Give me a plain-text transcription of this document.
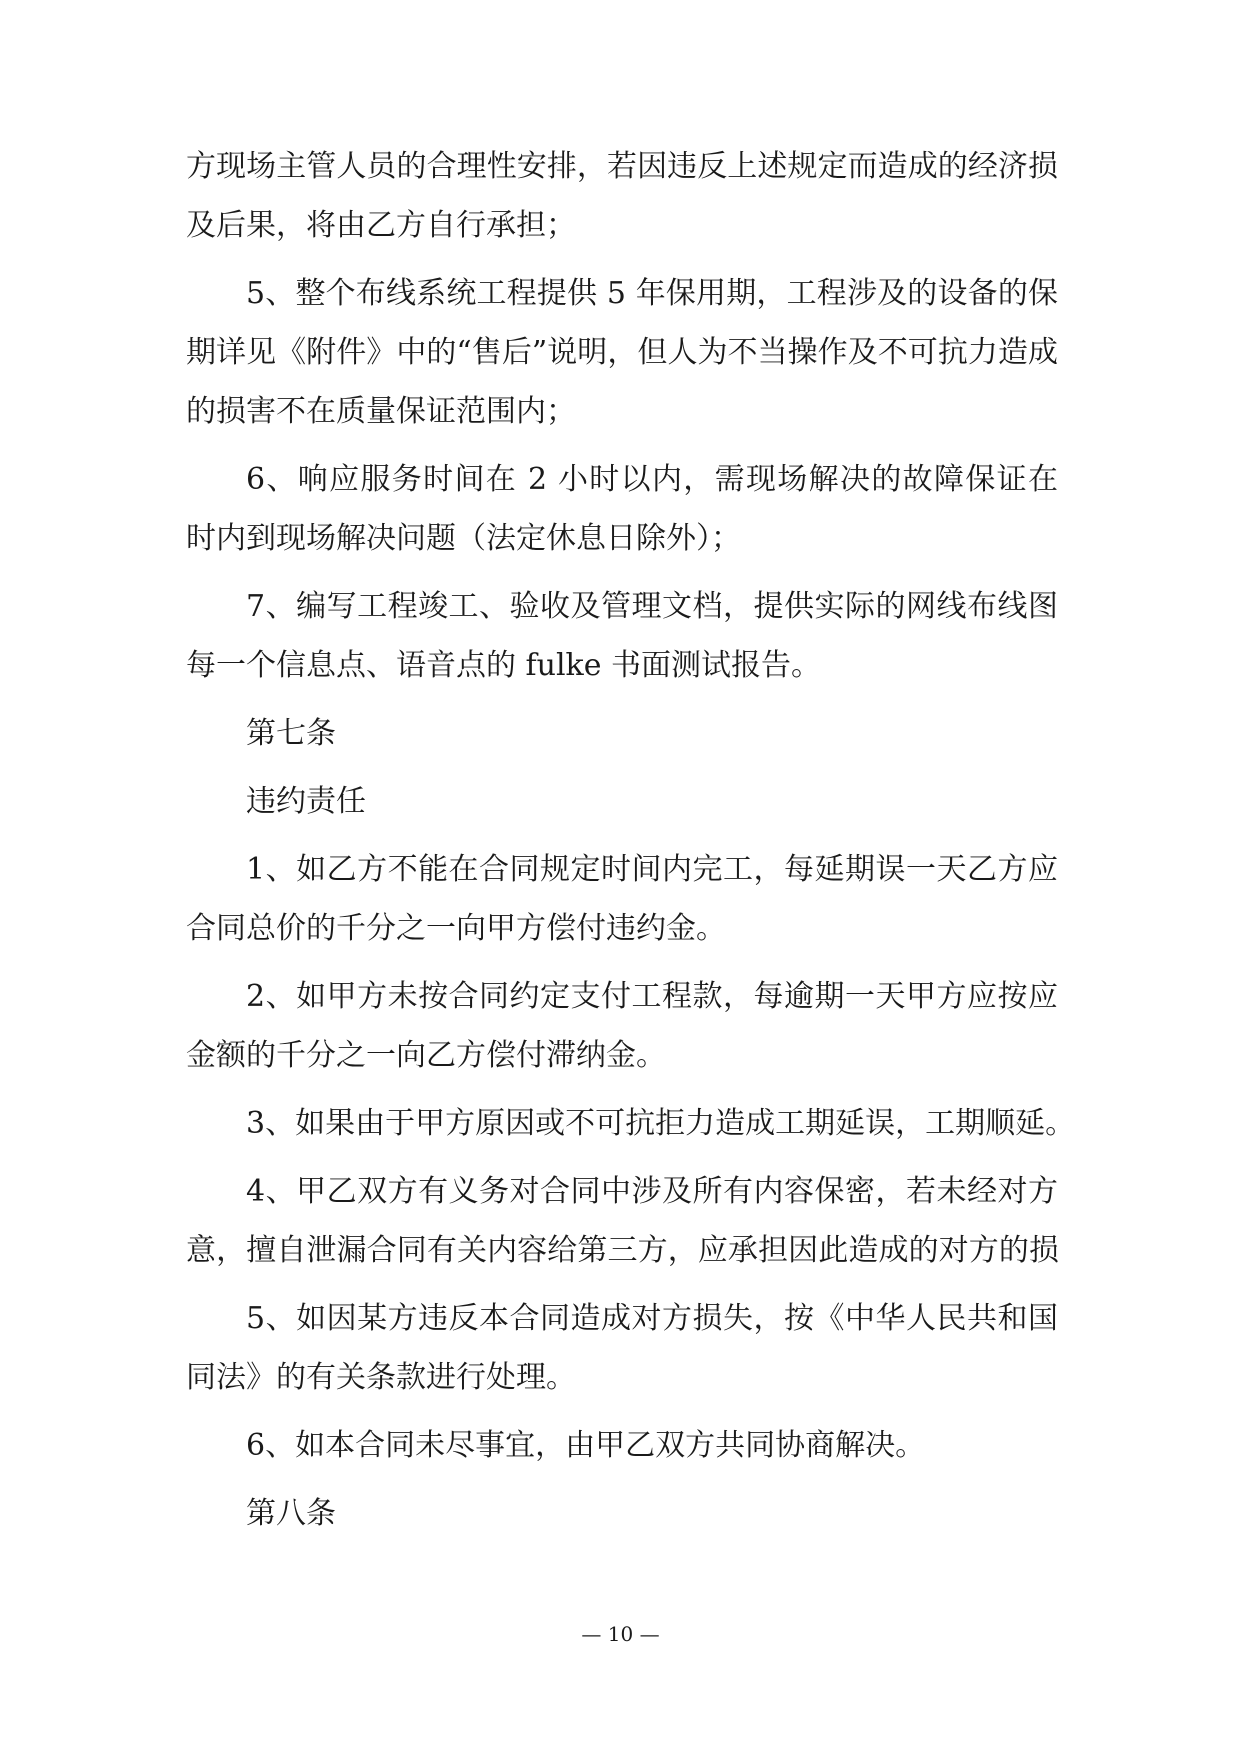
方现场主管人员的合理性安排，若因违反上述规定而造成的经济损
及后果，将由乙方自行承担；
5、整个布线系统工程提供 5 年保用期，工程涉及的设备的保
期详见《附件》中的“售后”说明，但人为不当操作及不可抗力造成
的损害不在质量保证范围内；
6、响应服务时间在 2 小时以内，需现场解决的故障保证在
时内到现场解决问题（法定休息日除外）；
7、编写工程竣工、验收及管理文档，提供实际的网线布线图
每一个信息点、语音点的 fulke 书面测试报告。
第七条
违约责任
1、如乙方不能在合同规定时间内完工，每延期误一天乙方应
合同总价的千分之一向甲方偿付违约金。
2、如甲方未按合同约定支付工程款，每逾期一天甲方应按应
金额的千分之一向乙方偿付滞纳金。
3、如果由于甲方原因或不可抗拒力造成工期延误，工期顺延。
4、甲乙双方有义务对合同中涉及所有内容保密，若未经对方
意，擅自泄漏合同有关内容给第三方，应承担因此造成的对方的损
5、如因某方违反本合同造成对方损失，按《中华人民共和国
同法》的有关条款进行处理。
6、如本合同未尽事宜，由甲乙双方共同协商解决。
第八条
— 10 —
